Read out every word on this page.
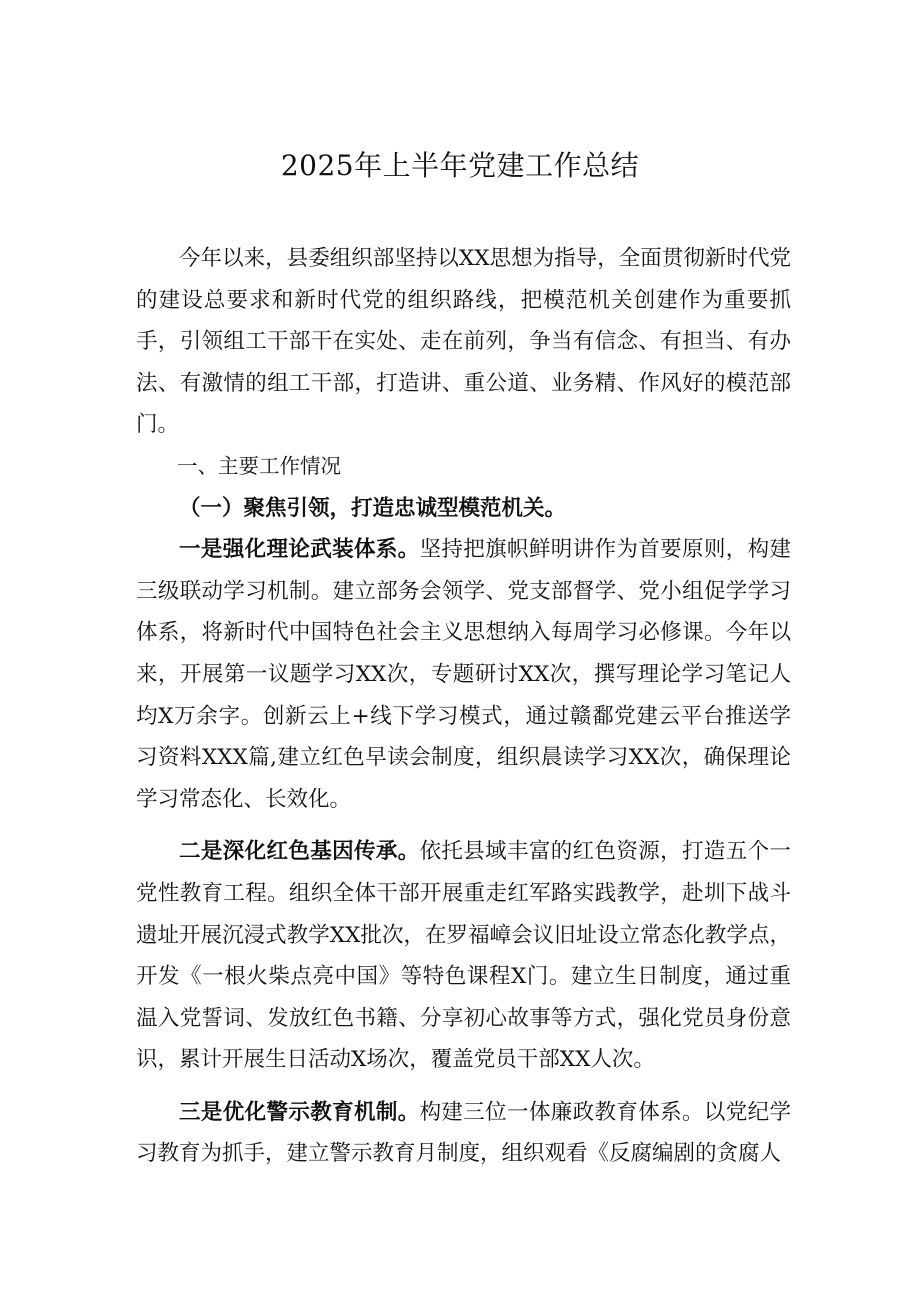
2025年上半年党建工作总结

今年以来，县委组织部坚持以XX思想为指导，全面贯彻新时代党的建设总要求和新时代党的组织路线，把模范机关创建作为重要抓手，引领组工干部干在实处、走在前列，争当有信念、有担当、有办法、有激情的组工干部，打造讲、重公道、业务精、作风好的模范部门。

一、主要工作情况

（一）聚焦引领，打造忠诚型模范机关。

一是强化理论武装体系。坚持把旗帜鲜明讲作为首要原则，构建三级联动学习机制。建立部务会领学、党支部督学、党小组促学学习体系，将新时代中国特色社会主义思想纳入每周学习必修课。今年以来，开展第一议题学习XX次，专题研讨XX次，撰写理论学习笔记人均X万余字。创新云上+线下学习模式，通过赣鄱党建云平台推送学习资料XXX篇,建立红色早读会制度，组织晨读学习XX次，确保理论学习常态化、长效化。

二是深化红色基因传承。依托县域丰富的红色资源，打造五个一党性教育工程。组织全体干部开展重走红军路实践教学，赴圳下战斗遗址开展沉浸式教学XX批次，在罗福嶂会议旧址设立常态化教学点，开发《一根火柴点亮中国》等特色课程X门。建立生日制度，通过重温入党誓词、发放红色书籍、分享初心故事等方式，强化党员身份意识，累计开展生日活动X场次，覆盖党员干部XX人次。

三是优化警示教育机制。构建三位一体廉政教育体系。以党纪学习教育为抓手，建立警示教育月制度，组织观看《反腐编剧的贪腐人
